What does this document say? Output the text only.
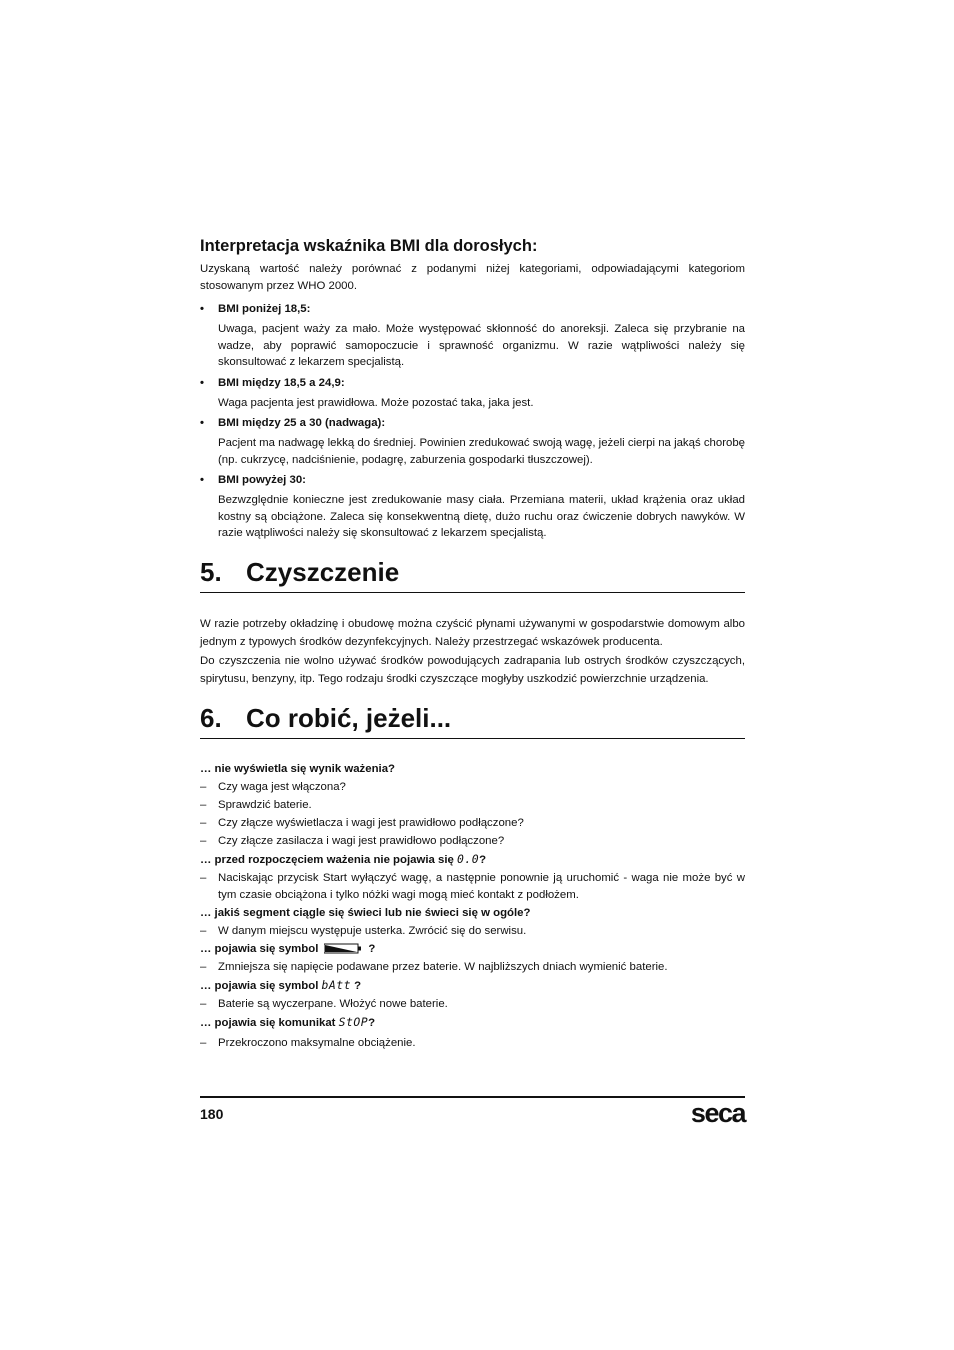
Interpretacja wskaźnika BMI dla dorosłych:

Uzyskaną wartość należy porównać z podanymi niżej kategoriami, odpowiadającymi kategoriom stosowanym przez WHO 2000.

• BMI poniżej 18,5:

Uwaga, pacjent waży za mało. Może występować skłonność do anoreksji. Zaleca się przybranie na wadze, aby poprawić samopoczucie i sprawność organizmu. W razie wątpliwości należy się skonsultować z lekarzem specjalistą.

• BMI między 18,5 a 24,9:

Waga pacjenta jest prawidłowa. Może pozostać taka, jaka jest.

• BMI między 25 a 30 (nadwaga):

Pacjent ma nadwagę lekką do średniej. Powinien zredukować swoją wagę, jeżeli cierpi na jakąś chorobę (np. cukrzycę, nadciśnienie, podagrę, zaburzenia gospodarki tłuszczowej).

• BMI powyżej 30:

Bezwzględnie konieczne jest zredukowanie masy ciała. Przemiana materii, układ krążenia oraz układ kostny są obciążone. Zaleca się konsekwentną dietę, dużo ruchu oraz ćwiczenie dobrych nawyków. W razie wątpliwości należy się skonsultować z lekarzem specjalistą.

5. Czyszczenie

W razie potrzeby okładzinę i obudowę można czyścić płynami używanymi w gospodarstwie domowym albo jednym z typowych środków dezynfekcyjnych. Należy przestrzegać wskazówek producenta.

Do czyszczenia nie wolno używać środków powodujących zadrapania lub ostrych środków czyszczących, spirytusu, benzyny, itp. Tego rodzaju środki czyszczące mogłyby uszkodzić powierzchnie urządzenia.

6. Co robić, jeżeli...

… nie wyświetla się wynik ważenia?

– Czy waga jest włączona?

– Sprawdzić baterie.

– Czy złącze wyświetlacza i wagi jest prawidłowo podłączone?

– Czy złącze zasilacza i wagi jest prawidłowo podłączone?

… przed rozpoczęciem ważenia nie pojawia się 0.0?

– Naciskając przycisk Start wyłączyć wagę, a następnie ponownie ją uruchomić - waga nie może być w tym czasie obciążona i tylko nóżki wagi mogą mieć kontakt z podłożem.

… jakiś segment ciągle się świeci lub nie świeci się w ogóle?

– W danym miejscu występuje usterka. Zwrócić się do serwisu.

… pojawia się symbol	?

– Zmniejsza się napięcie podawane przez baterie. W najbliższych dniach wymienić baterie.

… pojawia się symbol bAtt ?

– Baterie są wyczerpane. Włożyć nowe baterie.

… pojawia się komunikat StOP?

– Przekroczono maksymalne obciążenie.

180	seca
